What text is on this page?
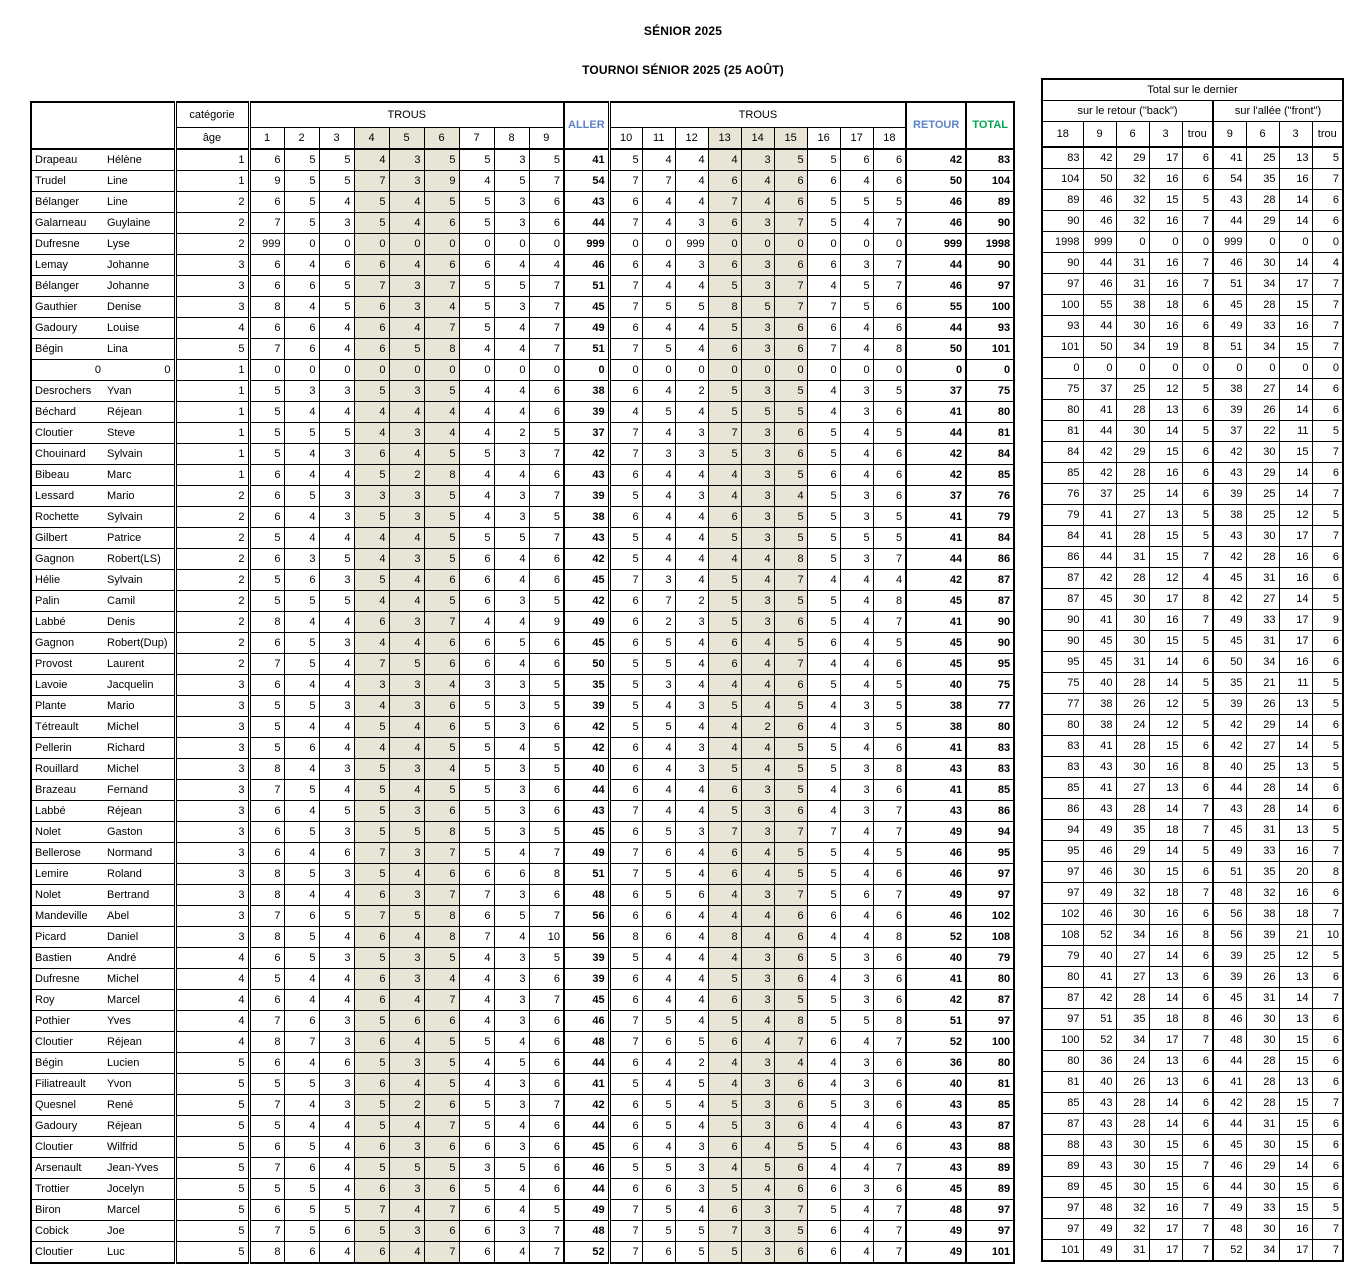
SÉNIOR 2025
TOURNOI SÉNIOR 2025 (25 AOÛT)
		catégorie	TROUS									ALLER	TROUS									RETOUR	TOTAL
		âge	1	2	3	4	5	6	7	8	9		10	11	12	13	14	15	16	17	18		
Drapeau	Hélène	1	6	5	5	4	3	5	5	3	5	41	5	4	4	4	3	5	5	6	6	42	83
Trudel	Line	1	9	5	5	7	3	9	4	5	7	54	7	7	4	6	4	6	6	4	6	50	104
Bélanger	Line	2	6	5	4	5	4	5	5	3	6	43	6	4	4	7	4	6	5	5	5	46	89
Galarneau	Guylaine	2	7	5	3	5	4	6	5	3	6	44	7	4	3	6	3	7	5	4	7	46	90
Dufresne	Lyse	2	999	0	0	0	0	0	0	0	0	999	0	0	999	0	0	0	0	0	0	999	1998
Lemay	Johanne	3	6	4	6	6	4	6	6	4	4	46	6	4	3	6	3	6	6	3	7	44	90
Bélanger	Johanne	3	6	6	5	7	3	7	5	5	7	51	7	4	4	5	3	7	4	5	7	46	97
Gauthier	Denise	3	8	4	5	6	3	4	5	3	7	45	7	5	5	8	5	7	7	5	6	55	100
Gadoury	Louise	4	6	6	4	6	4	7	5	4	7	49	6	4	4	5	3	6	6	4	6	44	93
Bégin	Lina	5	7	6	4	6	5	8	4	4	7	51	7	5	4	6	3	6	7	4	8	50	101
0	0	1	0	0	0	0	0	0	0	0	0	0	0	0	0	0	0	0	0	0	0	0	0
Desrochers	Yvan	1	5	3	3	5	3	5	4	4	6	38	6	4	2	5	3	5	4	3	5	37	75
Béchard	Réjean	1	5	4	4	4	4	4	4	4	6	39	4	5	4	5	5	5	4	3	6	41	80
Cloutier	Steve	1	5	5	5	4	3	4	4	2	5	37	7	4	3	7	3	6	5	4	5	44	81
Chouinard	Sylvain	1	5	4	3	6	4	5	5	3	7	42	7	3	3	5	3	6	5	4	6	42	84
Bibeau	Marc	1	6	4	4	5	2	8	4	4	6	43	6	4	4	4	3	5	6	4	6	42	85
Lessard	Mario	2	6	5	3	3	3	5	4	3	7	39	5	4	3	4	3	4	5	3	6	37	76
Rochette	Sylvain	2	6	4	3	5	3	5	4	3	5	38	6	4	4	6	3	5	5	3	5	41	79
Gilbert	Patrice	2	5	4	4	4	4	5	5	5	7	43	5	4	4	5	3	5	5	5	5	41	84
Gagnon	Robert(LS)	2	6	3	5	4	3	5	6	4	6	42	5	4	4	4	4	8	5	3	7	44	86
Hélie	Sylvain	2	5	6	3	5	4	6	6	4	6	45	7	3	4	5	4	7	4	4	4	42	87
Palin	Camil	2	5	5	5	4	4	5	6	3	5	42	6	7	2	5	3	5	5	4	8	45	87
Labbé	Denis	2	8	4	4	6	3	7	4	4	9	49	6	2	3	5	3	6	5	4	7	41	90
Gagnon	Robert(Dup)	2	6	5	3	4	4	6	6	5	6	45	6	5	4	6	4	5	6	4	5	45	90
Provost	Laurent	2	7	5	4	7	5	6	6	4	6	50	5	5	4	6	4	7	4	4	6	45	95
Lavoie	Jacquelin	3	6	4	4	3	3	4	3	3	5	35	5	3	4	4	4	6	5	4	5	40	75
Plante	Mario	3	5	5	3	4	3	6	5	3	5	39	5	4	3	5	4	5	4	3	5	38	77
Tétreault	Michel	3	5	4	4	5	4	6	5	3	6	42	5	5	4	4	2	6	4	3	5	38	80
Pellerin	Richard	3	5	6	4	4	4	5	5	4	5	42	6	4	3	4	4	5	5	4	6	41	83
Rouillard	Michel	3	8	4	3	5	3	4	5	3	5	40	6	4	3	5	4	5	5	3	8	43	83
Brazeau	Fernand	3	7	5	4	5	4	5	5	3	6	44	6	4	4	6	3	5	4	3	6	41	85
Labbé	Réjean	3	6	4	5	5	3	6	5	3	6	43	7	4	4	5	3	6	4	3	7	43	86
Nolet	Gaston	3	6	5	3	5	5	8	5	3	5	45	6	5	3	7	3	7	7	4	7	49	94
Bellerose	Normand	3	6	4	6	7	3	7	5	4	7	49	7	6	4	6	4	5	5	4	5	46	95
Lemire	Roland	3	8	5	3	5	4	6	6	6	8	51	7	5	4	6	4	5	5	4	6	46	97
Nolet	Bertrand	3	8	4	4	6	3	7	7	3	6	48	6	5	6	4	3	7	5	6	7	49	97
Mandeville	Abel	3	7	6	5	7	5	8	6	5	7	56	6	6	4	4	4	6	6	4	6	46	102
Picard	Daniel	3	8	5	4	6	4	8	7	4	10	56	8	6	4	8	4	6	4	4	8	52	108
Bastien	André	4	6	5	3	5	3	5	4	3	5	39	5	4	4	4	3	6	5	3	6	40	79
Dufresne	Michel	4	5	4	4	6	3	4	4	3	6	39	6	4	4	5	3	6	4	3	6	41	80
Roy	Marcel	4	6	4	4	6	4	7	4	3	7	45	6	4	4	6	3	5	5	3	6	42	87
Pothier	Yves	4	7	6	3	5	6	6	4	3	6	46	7	5	4	5	4	8	5	5	8	51	97
Cloutier	Réjean	4	8	7	3	6	4	5	5	4	6	48	7	6	5	6	4	7	6	4	7	52	100
Bégin	Lucien	5	6	4	6	5	3	5	4	5	6	44	6	4	2	4	3	4	4	3	6	36	80
Filiatreault	Yvon	5	5	5	3	6	4	5	4	3	6	41	5	4	5	4	3	6	4	3	6	40	81
Quesnel	René	5	7	4	3	5	2	6	5	3	7	42	6	5	4	5	3	6	5	3	6	43	85
Gadoury	Réjean	5	5	4	4	5	4	7	5	4	6	44	6	5	4	5	3	6	4	4	6	43	87
Cloutier	Wilfrid	5	6	5	4	6	3	6	6	3	6	45	6	4	3	6	4	5	5	4	6	43	88
Arsenault	Jean-Yves	5	7	6	4	5	5	5	3	5	6	46	5	5	3	4	5	6	4	4	7	43	89
Trottier	Jocelyn	5	5	5	4	6	3	6	5	4	6	44	6	6	3	5	4	6	6	3	6	45	89
Biron	Marcel	5	6	5	5	7	4	7	6	4	5	49	7	5	4	6	3	7	5	4	7	48	97
Cobick	Joe	5	7	5	6	5	3	6	6	3	7	48	7	5	5	7	3	5	6	4	7	49	97
Cloutier	Luc	5	8	6	4	6	4	7	6	4	7	52	7	6	5	5	3	6	6	4	7	49	101
Total sur le dernier								
sur le retour ("back")					sur l'allée ("front")			
18	9	6	3	trou	9	6	3	trou
83	42	29	17	6	41	25	13	5
104	50	32	16	6	54	35	16	7
89	46	32	15	5	43	28	14	6
90	46	32	16	7	44	29	14	6
1998	999	0	0	0	999	0	0	0
90	44	31	16	7	46	30	14	4
97	46	31	16	7	51	34	17	7
100	55	38	18	6	45	28	15	7
93	44	30	16	6	49	33	16	7
101	50	34	19	8	51	34	15	7
0	0	0	0	0	0	0	0	0
75	37	25	12	5	38	27	14	6
80	41	28	13	6	39	26	14	6
81	44	30	14	5	37	22	11	5
84	42	29	15	6	42	30	15	7
85	42	28	16	6	43	29	14	6
76	37	25	14	6	39	25	14	7
79	41	27	13	5	38	25	12	5
84	41	28	15	5	43	30	17	7
86	44	31	15	7	42	28	16	6
87	42	28	12	4	45	31	16	6
87	45	30	17	8	42	27	14	5
90	41	30	16	7	49	33	17	9
90	45	30	15	5	45	31	17	6
95	45	31	14	6	50	34	16	6
75	40	28	14	5	35	21	11	5
77	38	26	12	5	39	26	13	5
80	38	24	12	5	42	29	14	6
83	41	28	15	6	42	27	14	5
83	43	30	16	8	40	25	13	5
85	41	27	13	6	44	28	14	6
86	43	28	14	7	43	28	14	6
94	49	35	18	7	45	31	13	5
95	46	29	14	5	49	33	16	7
97	46	30	15	6	51	35	20	8
97	49	32	18	7	48	32	16	6
102	46	30	16	6	56	38	18	7
108	52	34	16	8	56	39	21	10
79	40	27	14	6	39	25	12	5
80	41	27	13	6	39	26	13	6
87	42	28	14	6	45	31	14	7
97	51	35	18	8	46	30	13	6
100	52	34	17	7	48	30	15	6
80	36	24	13	6	44	28	15	6
81	40	26	13	6	41	28	13	6
85	43	28	14	6	42	28	15	7
87	43	28	14	6	44	31	15	6
88	43	30	15	6	45	30	15	6
89	43	30	15	7	46	29	14	6
89	45	30	15	6	44	30	15	6
97	48	32	16	7	49	33	15	5
97	49	32	17	7	48	30	16	7
101	49	31	17	7	52	34	17	7
